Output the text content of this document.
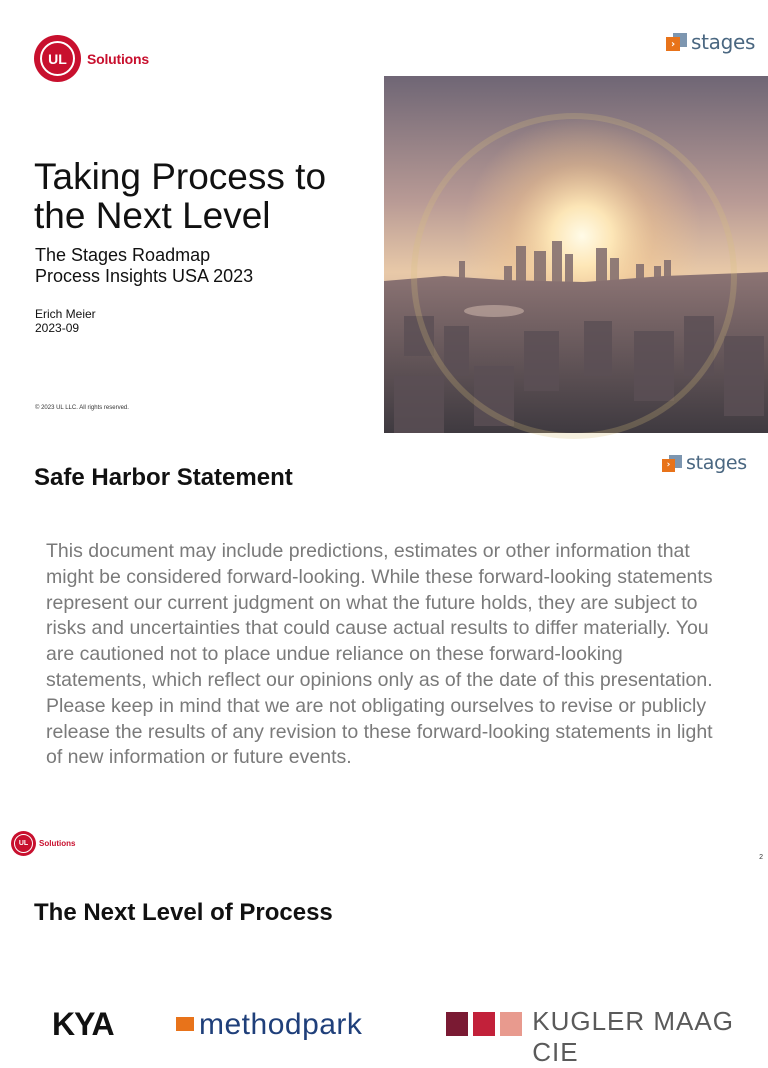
UL	Solutions
› stages
Taking Process to the Next Level
The Stages Roadmap
Process Insights USA 2023
Erich Meier
2023-09
© 2023 UL LLC. All rights reserved.
Safe Harbor Statement	› stages
This document may include predictions, estimates or other information that might be considered forward-looking. While these forward-looking statements represent our current judgment on what the future holds, they are subject to risks and uncertainties that could cause actual results to differ materially. You are cautioned not to place undue reliance on these forward-looking statements, which reflect our opinions only as of the date of this presentation. Please keep in mind that we are not obligating ourselves to revise or publicly release the results of any revision to these forward-looking statements in light of new information or future events.
UL	Solutions
2
The Next Level of Process
KYA	methodpark	KUGLER MAAG CIE
